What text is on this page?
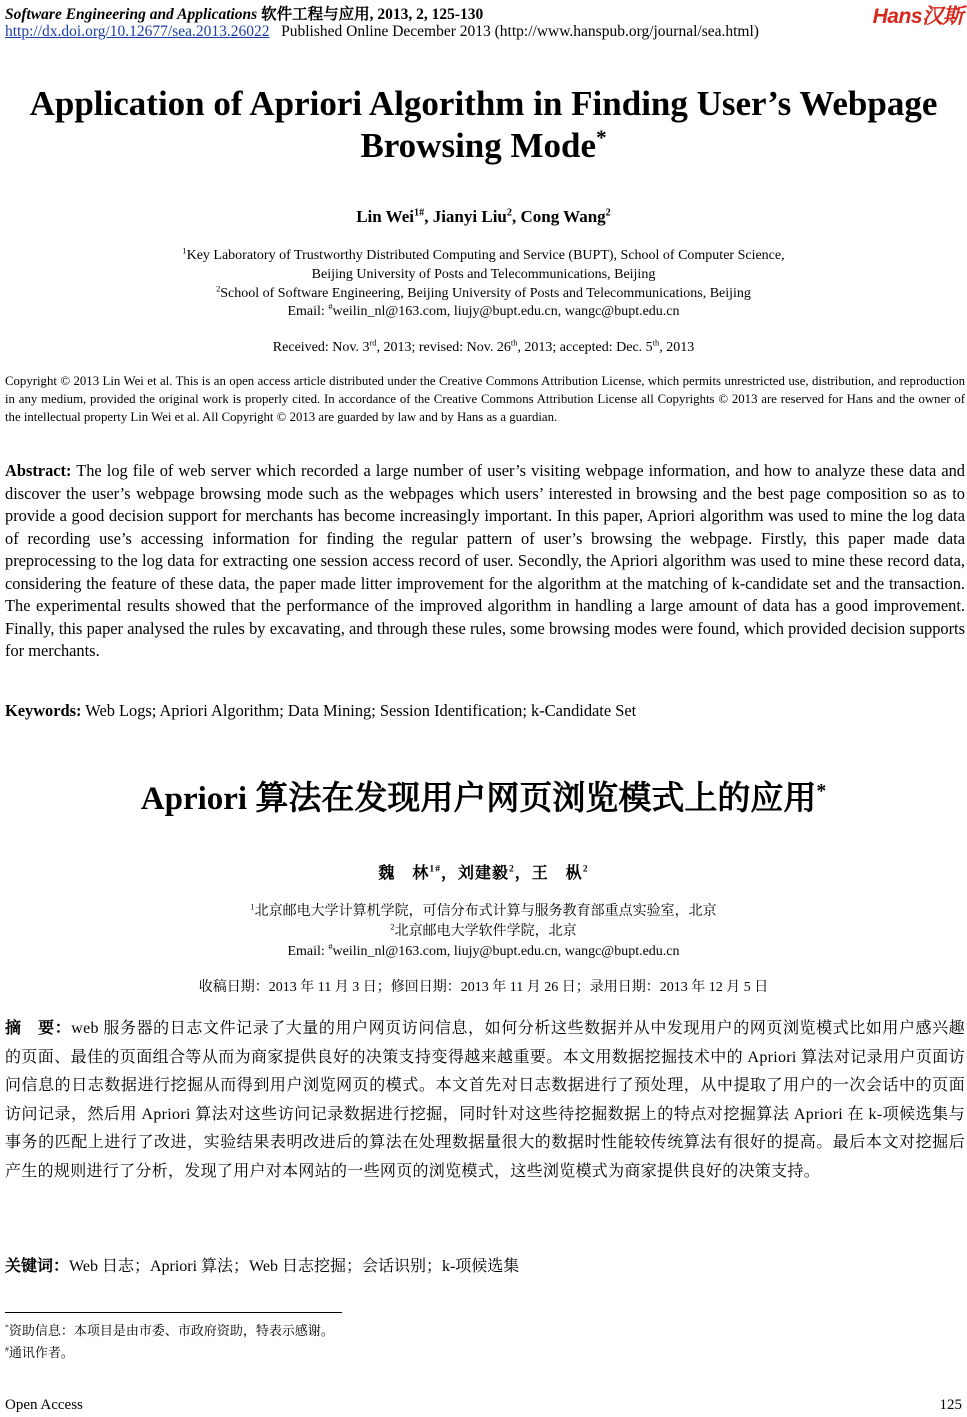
Software Engineering and Applications 软件工程与应用, 2013, 2, 125-130	Hans汉斯
http://dx.doi.org/10.12677/sea.2013.26022 Published Online December 2013 (http://www.hanspub.org/journal/sea.html)
Application of Apriori Algorithm in Finding User’s Webpage
Browsing Mode*
Lin Wei$^{1\#}$, Jianyi Liu$^2$, Cong Wang$^2$
$^1$Key Laboratory of Trustworthy Distributed Computing and Service (BUPT), School of Computer Science,
Beijing University of Posts and Telecommunications, Beijing
$^2$School of Software Engineering, Beijing University of Posts and Telecommunications, Beijing
Email: #weilin_nl@163.com, liujy@bupt.edu.cn, wangc@bupt.edu.cn
Received: Nov. 3rd, 2013; revised: Nov. 26th, 2013; accepted: Dec. 5th, 2013
Copyright © 2013 Lin Wei et al. This is an open access article distributed under the Creative Commons Attribution License, which permits unrestricted use, distribution, and reproduction in any medium, provided the original work is properly cited. In accordance of the Creative Commons Attribution License all Copyrights © 2013 are reserved for Hans and the owner of the intellectual property Lin Wei et al. All Copyright © 2013 are guarded by law and by Hans as a guardian.
Abstract: The log file of web server which recorded a large number of user’s visiting webpage information, and how to analyze these data and discover the user’s webpage browsing mode such as the webpages which users’ interested in browsing and the best page composition so as to provide a good decision support for merchants has become increasingly important. In this paper, Apriori algorithm was used to mine the log data of recording use’s accessing information for finding the regular pattern of user’s browsing the webpage. Firstly, this paper made data preprocessing to the log data for extracting one session access record of user. Secondly, the Apriori algorithm was used to mine these record data, considering the feature of these data, the paper made litter improvement for the algorithm at the matching of k-candidate set and the transaction. The experimental results showed that the performance of the improved algorithm in handling a large amount of data has a good improvement. Finally, this paper analysed the rules by excavating, and through these rules, some browsing modes were found, which provided decision supports for merchants.
Keywords: Web Logs; Apriori Algorithm; Data Mining; Session Identification; k-Candidate Set
Apriori 算法在发现用户网页浏览模式上的应用*
魏　林$^{1\#}$，刘建毅$^2$，王　枞$^2$
$^1$北京邮电大学计算机学院，可信分布式计算与服务教育部重点实验室，北京
$^2$北京邮电大学软件学院，北京
Email: #weilin_nl@163.com, liujy@bupt.edu.cn, wangc@bupt.edu.cn
收稿日期：2013 年 11 月 3 日；修回日期：2013 年 11 月 26 日；录用日期：2013 年 12 月 5 日
摘　要：web 服务器的日志文件记录了大量的用户网页访问信息，如何分析这些数据并从中发现用户的网页浏览模式比如用户感兴趣的页面、最佳的页面组合等从而为商家提供良好的决策支持变得越来越重要。本文用数据挖掘技术中的 Apriori 算法对记录用户页面访问信息的日志数据进行挖掘从而得到用户浏览网页的模式。本文首先对日志数据进行了预处理，从中提取了用户的一次会话中的页面访问记录，然后用 Apriori 算法对这些访问记录数据进行挖掘，同时针对这些待挖掘数据上的特点对挖掘算法 Apriori 在 k-项候选集与事务的匹配上进行了改进，实验结果表明改进后的算法在处理数据量很大的数据时性能较传统算法有很好的提高。最后本文对挖掘后产生的规则进行了分析，发现了用户对本网站的一些网页的浏览模式，这些浏览模式为商家提供良好的决策支持。
关键词：Web 日志；Apriori 算法；Web 日志挖掘；会话识别；k-项候选集
*资助信息：本项目是由市委、市政府资助，特表示感谢。
#通讯作者。
Open Access	125
